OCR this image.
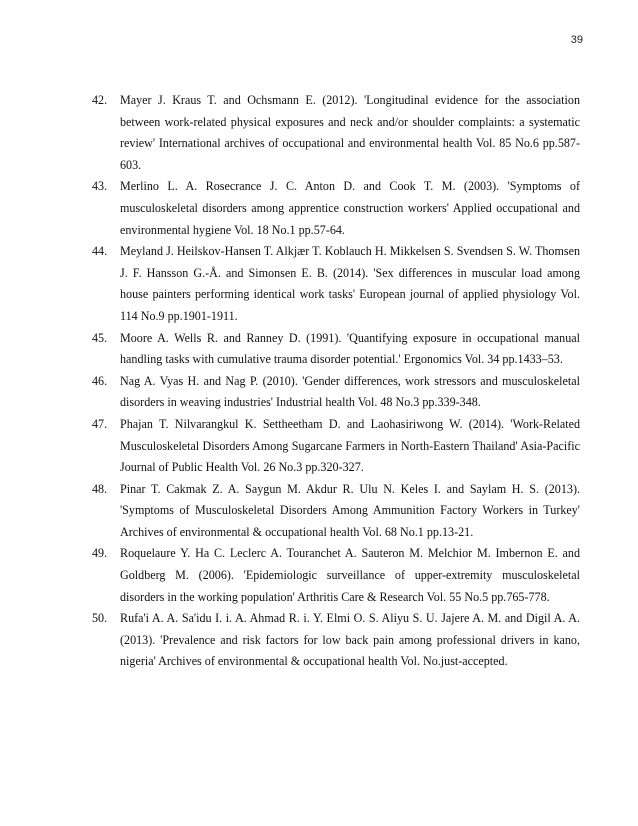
39
42. Mayer J. Kraus T. and Ochsmann E. (2012). 'Longitudinal evidence for the association between work-related physical exposures and neck and/or shoulder complaints: a systematic review' International archives of occupational and environmental health Vol. 85 No.6 pp.587-603.
43. Merlino L. A. Rosecrance J. C. Anton D. and Cook T. M. (2003). 'Symptoms of musculoskeletal disorders among apprentice construction workers' Applied occupational and environmental hygiene Vol. 18 No.1 pp.57-64.
44. Meyland J. Heilskov-Hansen T. Alkjær T. Koblauch H. Mikkelsen S. Svendsen S. W. Thomsen J. F. Hansson G.-Å. and Simonsen E. B. (2014). 'Sex differences in muscular load among house painters performing identical work tasks' European journal of applied physiology Vol. 114 No.9 pp.1901-1911.
45. Moore A. Wells R. and Ranney D. (1991). 'Quantifying exposure in occupational manual handling tasks with cumulative trauma disorder potential.' Ergonomics Vol. 34 pp.1433–53.
46. Nag A. Vyas H. and Nag P. (2010). 'Gender differences, work stressors and musculoskeletal disorders in weaving industries' Industrial health Vol. 48 No.3 pp.339-348.
47. Phajan T. Nilvarangkul K. Settheetham D. and Laohasiriwong W. (2014). 'Work-Related Musculoskeletal Disorders Among Sugarcane Farmers in North-Eastern Thailand' Asia-Pacific Journal of Public Health Vol. 26 No.3 pp.320-327.
48. Pinar T. Cakmak Z. A. Saygun M. Akdur R. Ulu N. Keles I. and Saylam H. S. (2013). 'Symptoms of Musculoskeletal Disorders Among Ammunition Factory Workers in Turkey' Archives of environmental & occupational health Vol. 68 No.1 pp.13-21.
49. Roquelaure Y. Ha C. Leclerc A. Touranchet A. Sauteron M. Melchior M. Imbernon E. and Goldberg M. (2006). 'Epidemiologic surveillance of upper-extremity musculoskeletal disorders in the working population' Arthritis Care & Research Vol. 55 No.5 pp.765-778.
50. Rufa'i A. A. Sa'idu I. i. A. Ahmad R. i. Y. Elmi O. S. Aliyu S. U. Jajere A. M. and Digil A. A. (2013). 'Prevalence and risk factors for low back pain among professional drivers in kano, nigeria' Archives of environmental & occupational health Vol. No.just-accepted.
